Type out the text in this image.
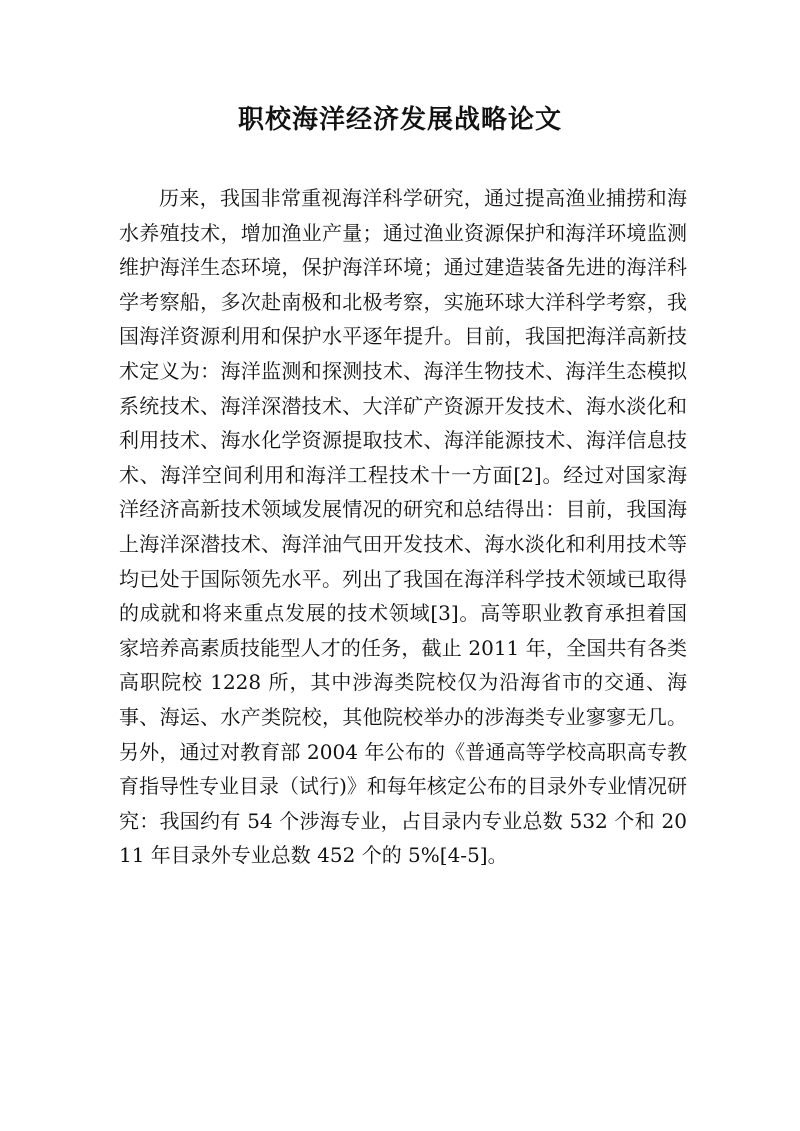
职校海洋经济发展战略论文

历来，我国非常重视海洋科学研究，通过提高渔业捕捞和海水养殖技术，增加渔业产量；通过渔业资源保护和海洋环境监测维护海洋生态环境，保护海洋环境；通过建造装备先进的海洋科学考察船，多次赴南极和北极考察，实施环球大洋科学考察，我国海洋资源利用和保护水平逐年提升。目前，我国把海洋高新技术定义为：海洋监测和探测技术、海洋生物技术、海洋生态模拟系统技术、海洋深潜技术、大洋矿产资源开发技术、海水淡化和利用技术、海水化学资源提取技术、海洋能源技术、海洋信息技术、海洋空间利用和海洋工程技术十一方面[2]。经过对国家海洋经济高新技术领域发展情况的研究和总结得出：目前，我国海上海洋深潜技术、海洋油气田开发技术、海水淡化和利用技术等均已处于国际领先水平。列出了我国在海洋科学技术领域已取得的成就和将来重点发展的技术领域[3]。高等职业教育承担着国家培养高素质技能型人才的任务，截止 2011 年，全国共有各类高职院校 1228 所，其中涉海类院校仅为沿海省市的交通、海事、海运、水产类院校，其他院校举办的涉海类专业寥寥无几。另外，通过对教育部 2004 年公布的《普通高等学校高职高专教育指导性专业目录（试行)》和每年核定公布的目录外专业情况研究：我国约有 54 个涉海专业，占目录内专业总数 532 个和 2011 年目录外专业总数 452 个的 5%[4-5]。
